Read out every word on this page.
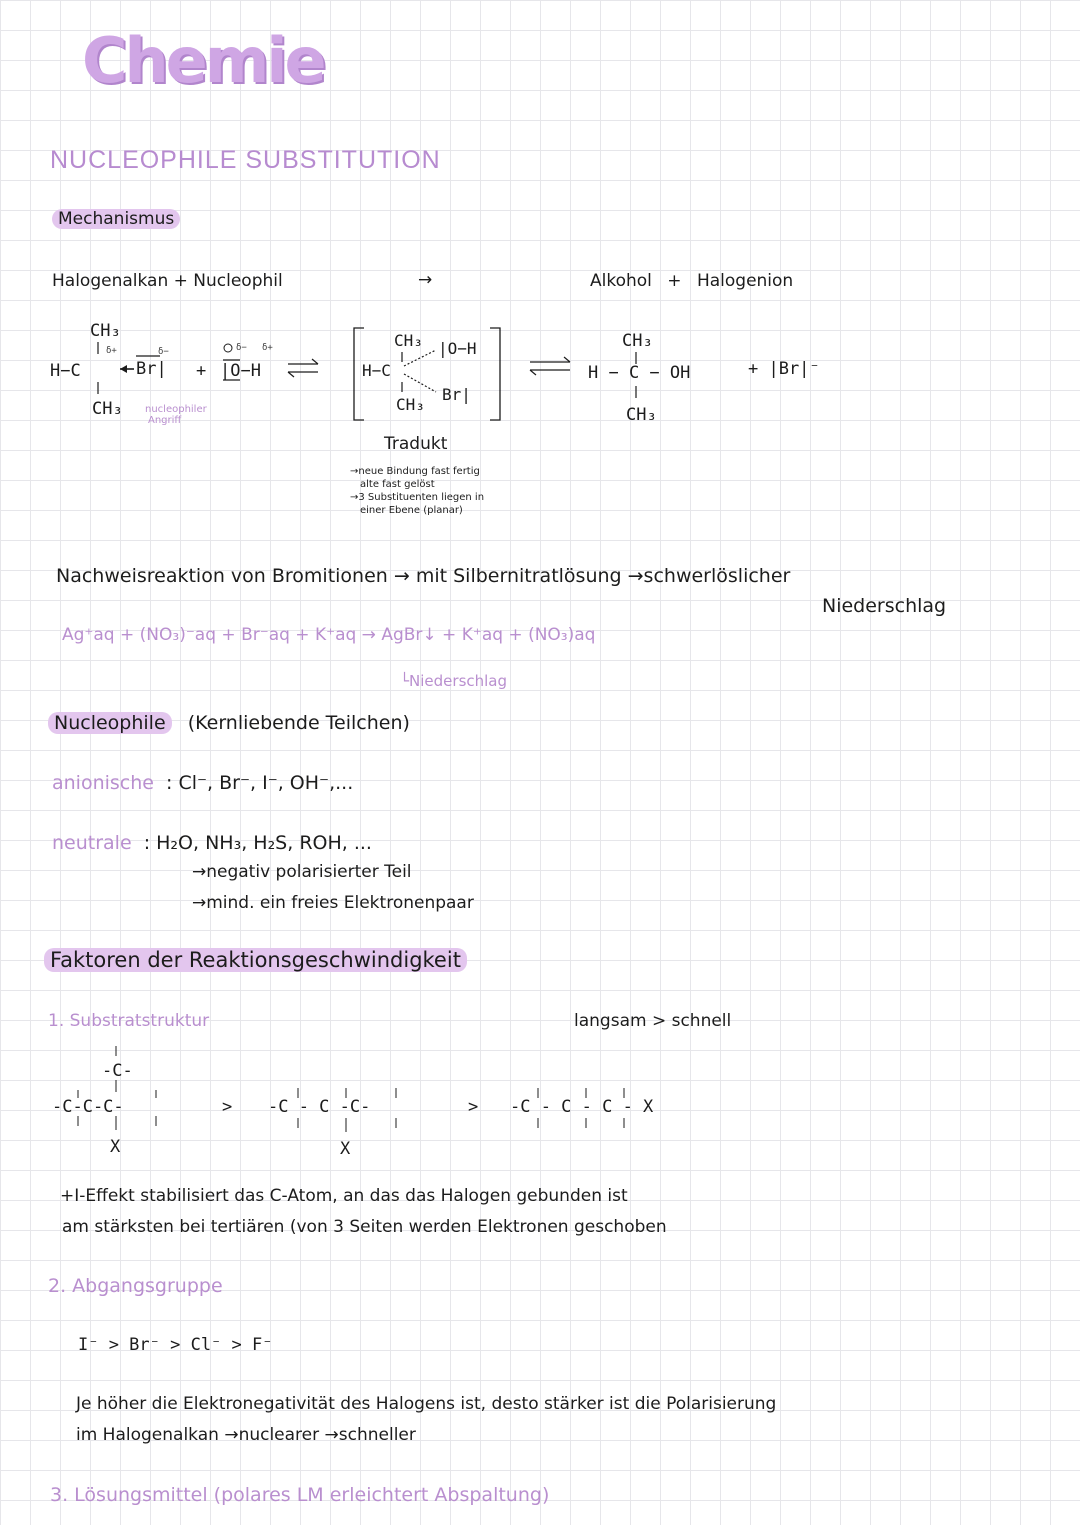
Chemie
NUCLEOPHILE SUBSTITUTION
Mechanismus
Halogenalkan + Nucleophil	→	Alkohol + Halogenion
CH₃
H−C
δ+
Br|
δ−
CH₃
+ |O−H
δ− δ+	CH₃
H−C
|O−H
Br|
CH₃
CH₃
H − C − OH
CH₃
+ |Br|⁻
nucleophiler
Angriff
Tradukt
→neue Bindung fast fertig
alte fast gelöst
→3 Substituenten liegen in
einer Ebene (planar)
Nachweisreaktion von Bromitionen → mit Silbernitratlösung →schwerlöslicher
Niederschlag
Ag⁺aq + (NO₃)⁻aq + Br⁻aq + K⁺aq → AgBr↓ + K⁺aq + (NO₃)aq
└Niederschlag
Nucleophile (Kernliebende Teilchen)
anionische : Cl⁻, Br⁻, I⁻, OH⁻,...
neutrale : H₂O, NH₃, H₂S, ROH, ...
→negativ polarisierter Teil
→mind. ein freies Elektronenpaar
Faktoren der Reaktionsgeschwindigkeit
1. Substratstruktur	langsam > schnell
-C-
-C-C-C-
X
> -C - C -C-
X
> -C - C - C - X
+I-Effekt stabilisiert das C-Atom, an das das Halogen gebunden ist
am stärksten bei tertiären (von 3 Seiten werden Elektronen geschoben
2. Abgangsgruppe
I⁻ > Br⁻ > Cl⁻ > F⁻
Je höher die Elektronegativität des Halogens ist, desto stärker ist die Polarisierung
im Halogenalkan →nuclearer →schneller
3. Lösungsmittel (polares LM erleichtert Abspaltung)
